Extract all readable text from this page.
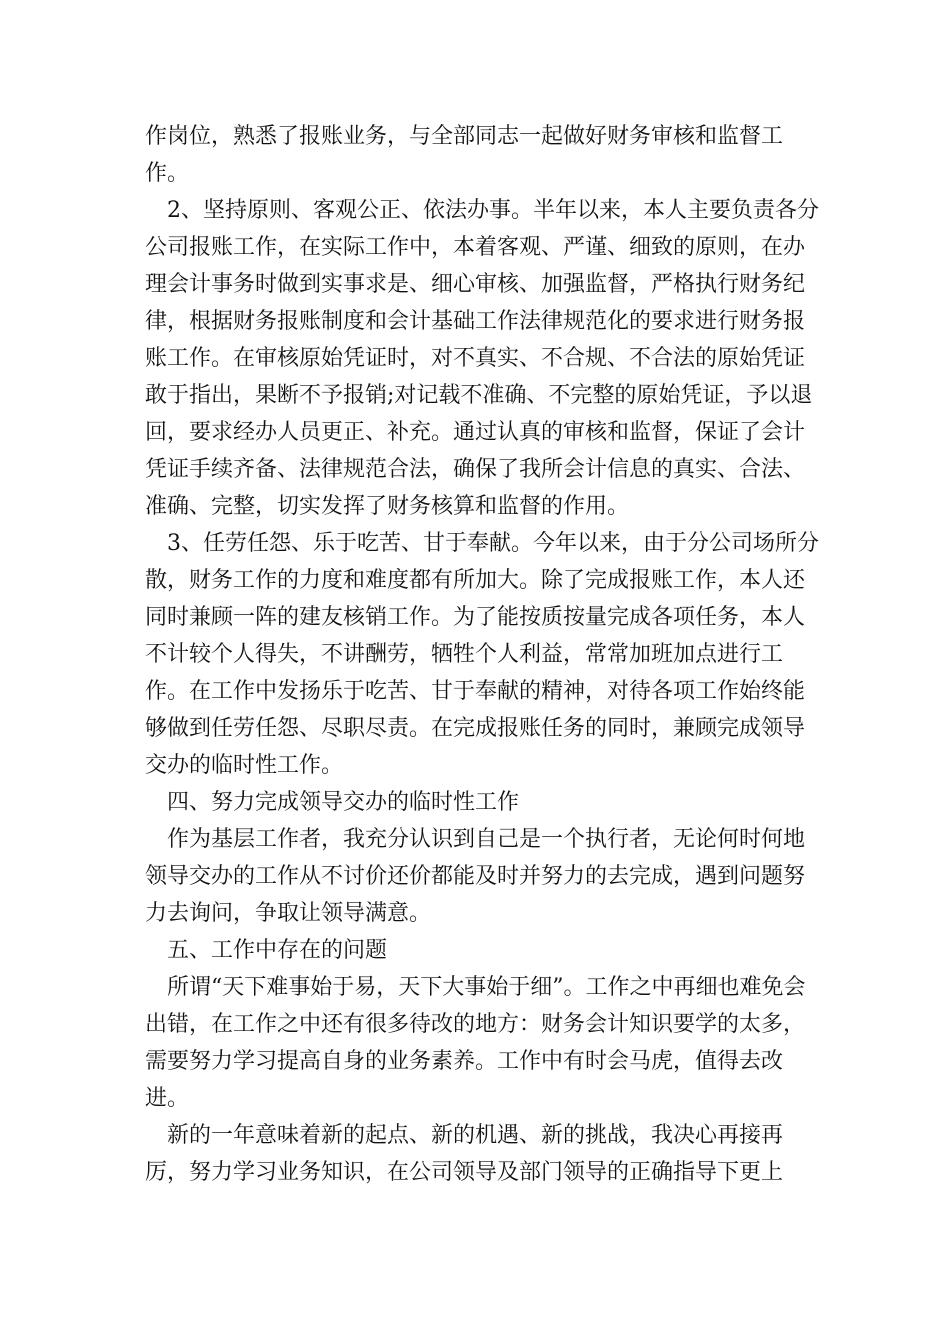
作岗位，熟悉了报账业务，与全部同志一起做好财务审核和监督工作。

2、坚持原则、客观公正、依法办事。半年以来，本人主要负责各分公司报账工作，在实际工作中，本着客观、严谨、细致的原则，在办理会计事务时做到实事求是、细心审核、加强监督，严格执行财务纪律，根据财务报账制度和会计基础工作法律规范化的要求进行财务报账工作。在审核原始凭证时，对不真实、不合规、不合法的原始凭证敢于指出，果断不予报销;对记载不准确、不完整的原始凭证，予以退回，要求经办人员更正、补充。通过认真的审核和监督，保证了会计凭证手续齐备、法律规范合法，确保了我所会计信息的真实、合法、准确、完整，切实发挥了财务核算和监督的作用。

3、任劳任怨、乐于吃苦、甘于奉献。今年以来，由于分公司场所分散，财务工作的力度和难度都有所加大。除了完成报账工作，本人还同时兼顾一阵的建友核销工作。为了能按质按量完成各项任务，本人不计较个人得失，不讲酬劳，牺牲个人利益，常常加班加点进行工作。在工作中发扬乐于吃苦、甘于奉献的精神，对待各项工作始终能够做到任劳任怨、尽职尽责。在完成报账任务的同时，兼顾完成领导交办的临时性工作。

四、努力完成领导交办的临时性工作

作为基层工作者，我充分认识到自己是一个执行者，无论何时何地领导交办的工作从不讨价还价都能及时并努力的去完成，遇到问题努力去询问，争取让领导满意。

五、工作中存在的问题

所谓“天下难事始于易，天下大事始于细”。工作之中再细也难免会出错，在工作之中还有很多待改的地方：财务会计知识要学的太多，需要努力学习提高自身的业务素养。工作中有时会马虎，值得去改进。

新的一年意味着新的起点、新的机遇、新的挑战，我决心再接再厉，努力学习业务知识，在公司领导及部门领导的正确指导下更上
